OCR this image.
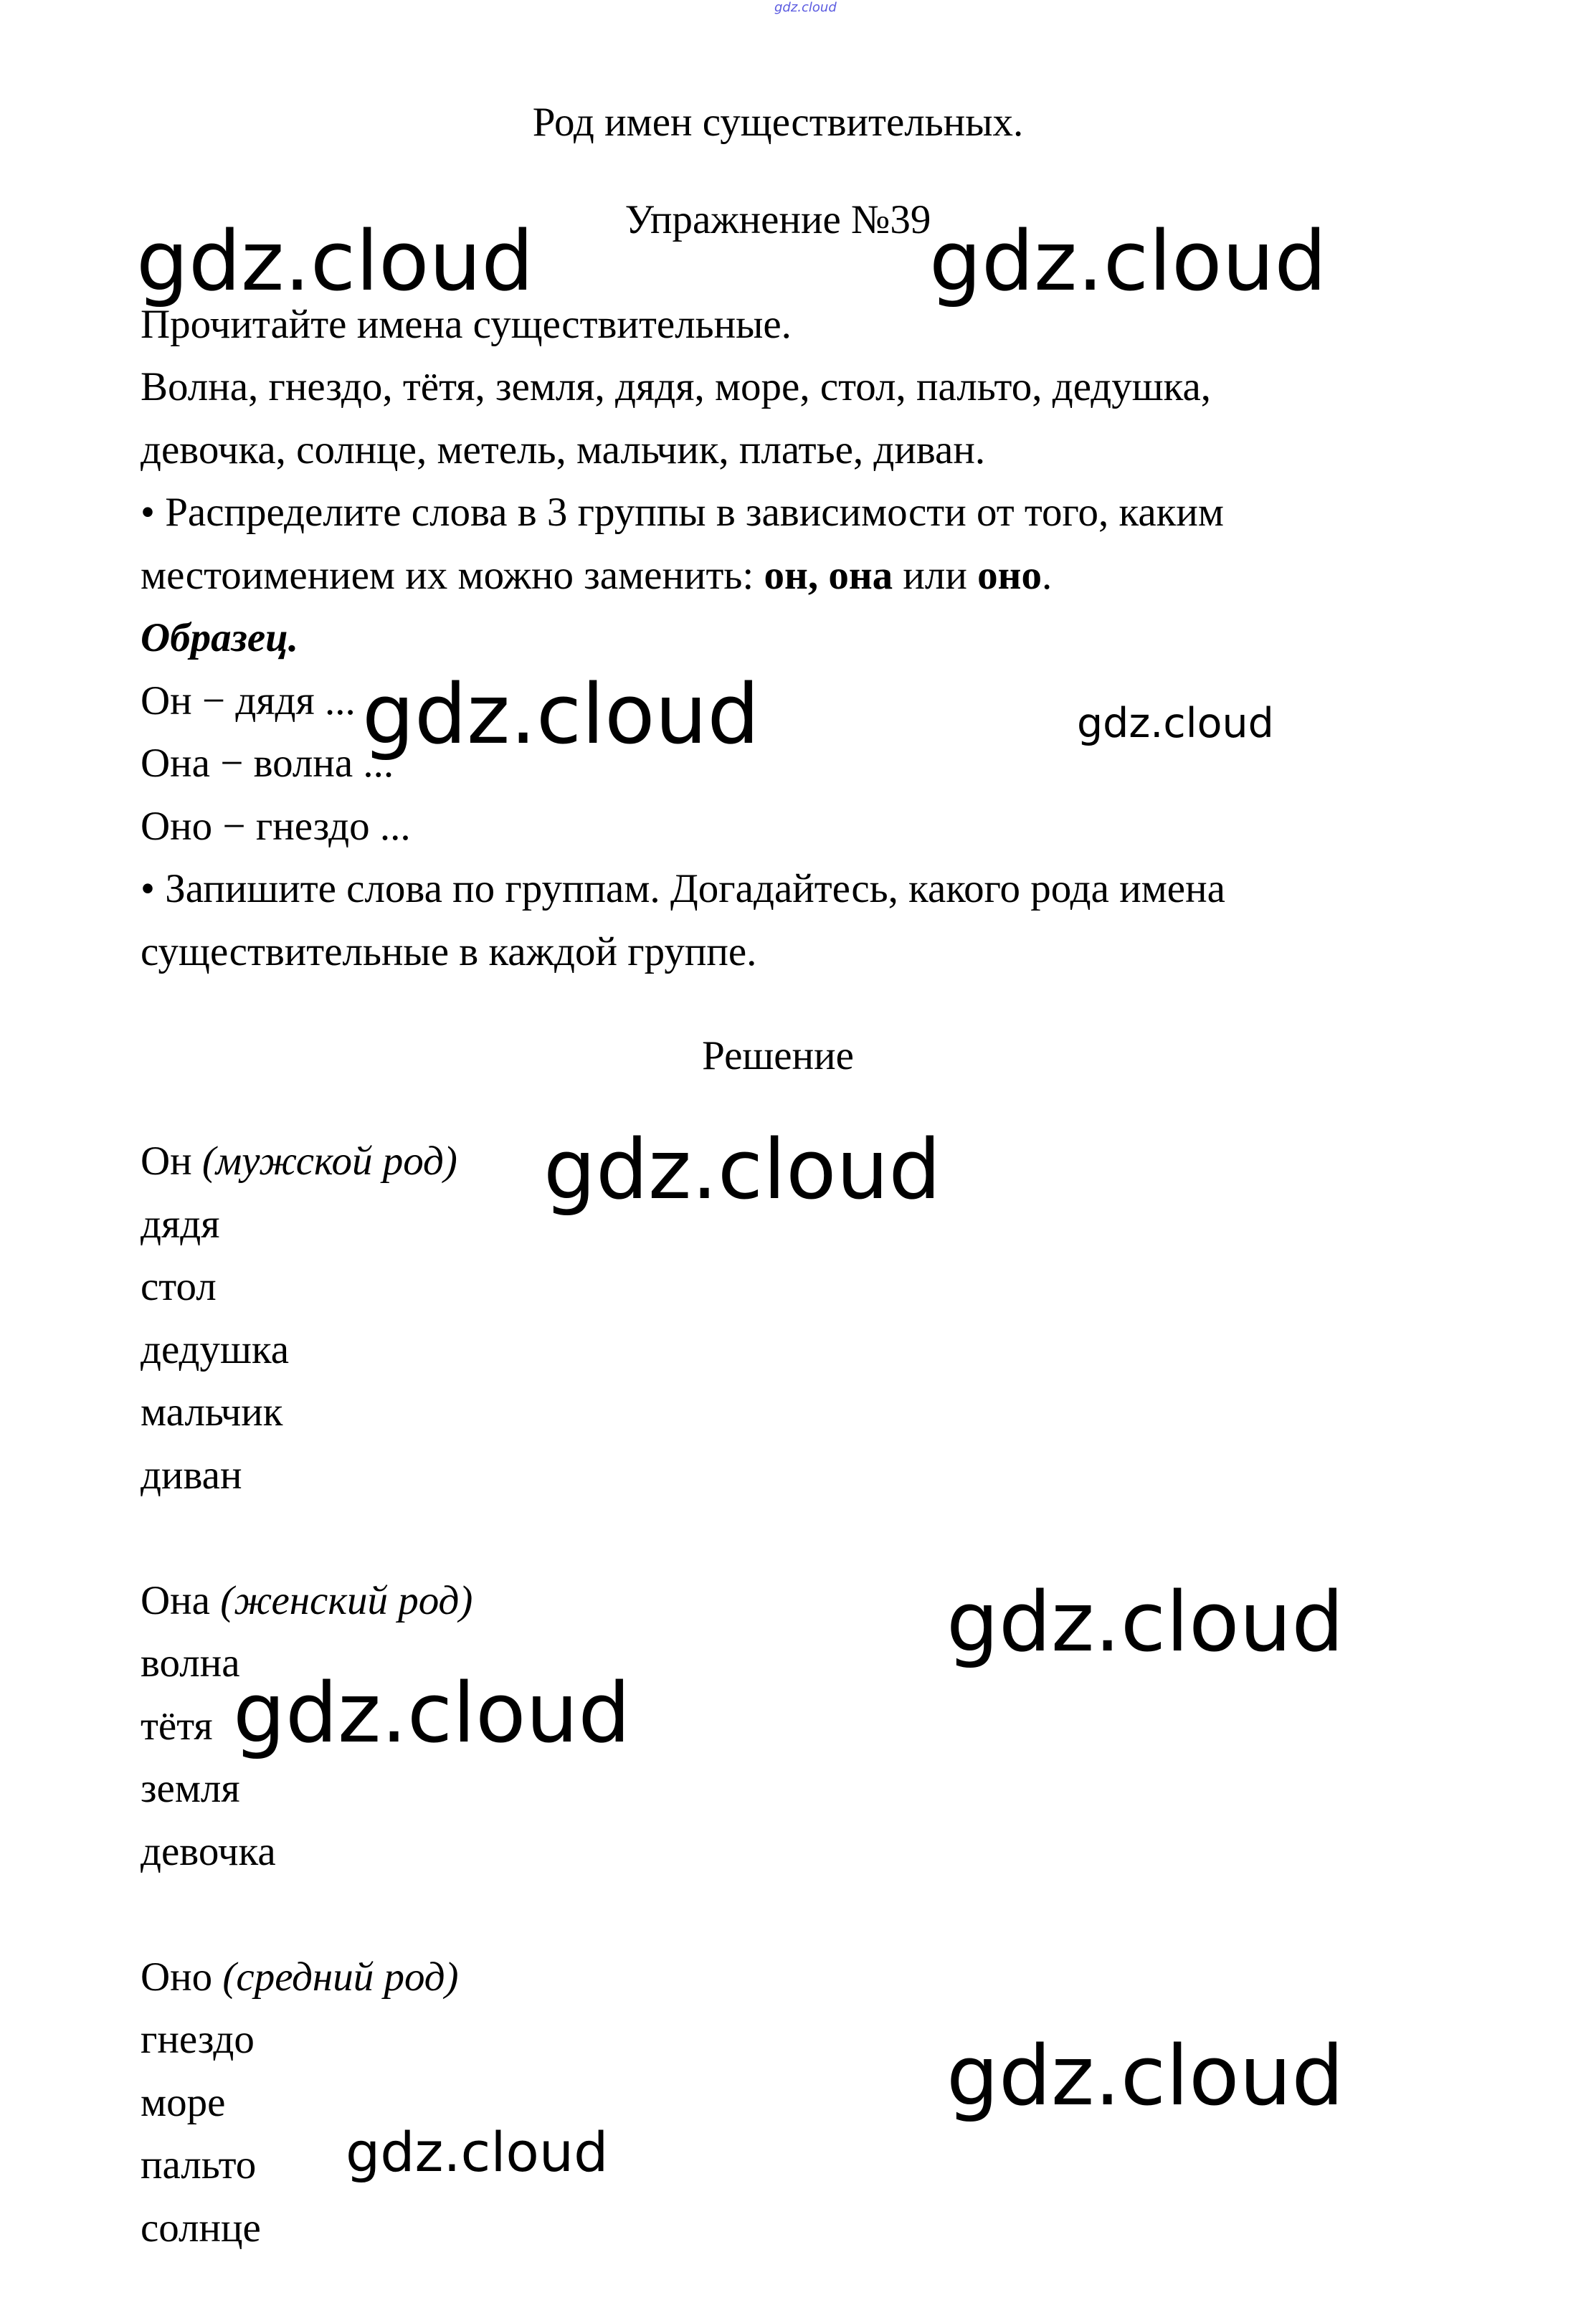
gdz.cloud
Род имен существительных.
Упражнение №39
Прочитайте имена существительные.
Волна, гнездо, тётя, земля, дядя, море, стол, пальто, дедушка,
девочка, солнце, метель, мальчик, платье, диван.
• Распределите слова в 3 группы в зависимости от того, каким
местоимением их можно заменить: он, она или оно.
Образец.
Он − дядя ...
Она − волна ...
Оно − гнездо ...
• Запишите слова по группам. Догадайтесь, какого рода имена
существительные в каждой группе.
Решение
Он (мужской род)
дядя
стол
дедушка
мальчик
диван
Она (женский род)
волна
тётя
земля
девочка
Оно (средний род)
гнездо
море
пальто
солнце
gdz.cloud	gdz.cloud
gdz.cloud	gdz.cloud
gdz.cloud
gdz.cloud
gdz.cloud
gdz.cloud
gdz.cloud
